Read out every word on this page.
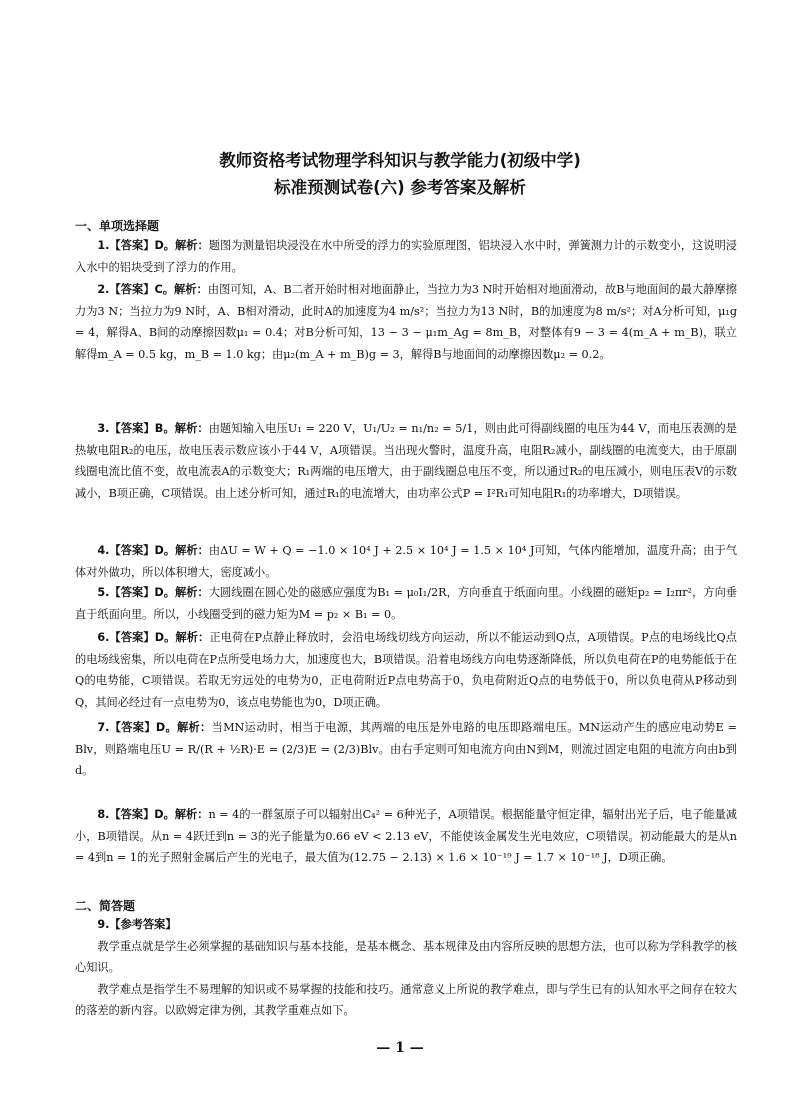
教师资格考试物理学科知识与教学能力(初级中学)
标准预测试卷(六) 参考答案及解析
一、单项选择题

1.【答案】D。解析：题图为测量铝块浸没在水中所受的浮力的实验原理图，铝块浸入水中时，弹簧测力计的示数变小，这说明浸入水中的铝块受到了浮力的作用。

2.【答案】C。解析：由图可知，A、B二者开始时相对地面静止，当拉力为3 N时开始相对地面滑动，故B与地面间的最大静摩擦力为3 N；当拉力为9 N时，A、B相对滑动，此时A的加速度为4 m/s²；当拉力为13 N时，B的加速度为8 m/s²；对A分析可知，μ₁g = 4，解得A、B间的动摩擦因数μ₁ = 0.4；对B分析可知，13 − 3 − μ₁m_Ag = 8m_B，对整体有9 − 3 = 4(m_A + m_B)，联立解得m_A = 0.5 kg，m_B = 1.0 kg；由μ₂(m_A + m_B)g = 3，解得B与地面间的动摩擦因数μ₂ = 0.2。

3.【答案】B。解析：由题知输入电压U₁ = 220 V，U₁/U₂ = n₁/n₂ = 5/1，则由此可得副线圈的电压为44 V，而电压表测的是热敏电阻R₂的电压，故电压表示数应该小于44 V，A项错误。当出现火警时，温度升高，电阻R₂减小，副线圈的电流变大，由于原副线圈电流比值不变，故电流表A的示数变大；R₁两端的电压增大，由于副线圈总电压不变，所以通过R₂的电压减小，则电压表V的示数减小，B项正确，C项错误。由上述分析可知，通过R₁的电流增大，由功率公式P = I²R₁可知电阻R₁的功率增大，D项错误。

4.【答案】D。解析：由ΔU = W + Q = −1.0 × 10⁴ J + 2.5 × 10⁴ J = 1.5 × 10⁴ J可知，气体内能增加，温度升高；由于气体对外做功，所以体积增大，密度减小。

5.【答案】D。解析：大圆线圈在圆心处的磁感应强度为B₁ = μ₀I₁/2R，方向垂直于纸面向里。小线圈的磁矩p₂ = I₂πr²，方向垂直于纸面向里。所以，小线圈受到的磁力矩为M = p₂ × B₁ = 0。

6.【答案】D。解析：正电荷在P点静止释放时，会沿电场线切线方向运动，所以不能运动到Q点，A项错误。P点的电场线比Q点的电场线密集，所以电荷在P点所受电场力大，加速度也大，B项错误。沿着电场线方向电势逐渐降低，所以负电荷在P的电势能低于在Q的电势能，C项错误。若取无穷远处的电势为0，正电荷附近P点电势高于0，负电荷附近Q点的电势低于0，所以负电荷从P移动到Q，其间必经过有一点电势为0，该点电势能也为0，D项正确。

7.【答案】D。解析：当MN运动时，相当于电源，其两端的电压是外电路的电压即路端电压。MN运动产生的感应电动势E = Blv，则路端电压U = R/(R + ½R)·E = (2/3)E = (2/3)Blv。由右手定则可知电流方向由N到M，则流过固定电阻的电流方向由b到d。

8.【答案】D。解析：n = 4的一群氢原子可以辐射出C₄² = 6种光子，A项错误。根据能量守恒定律，辐射出光子后，电子能量减小，B项错误。从n = 4跃迁到n = 3的光子能量为0.66 eV < 2.13 eV，不能使该金属发生光电效应，C项错误。初动能最大的是从n = 4到n = 1的光子照射金属后产生的光电子，最大值为(12.75 − 2.13) × 1.6 × 10⁻¹⁹ J = 1.7 × 10⁻¹⁸ J，D项正确。

二、简答题

9.【参考答案】

教学重点就是学生必须掌握的基础知识与基本技能，是基本概念、基本规律及由内容所反映的思想方法，也可以称为学科教学的核心知识。

教学难点是指学生不易理解的知识或不易掌握的技能和技巧。通常意义上所说的教学难点，即与学生已有的认知水平之间存在较大的落差的新内容。以欧姆定律为例，其教学重难点如下。

— 1 —
